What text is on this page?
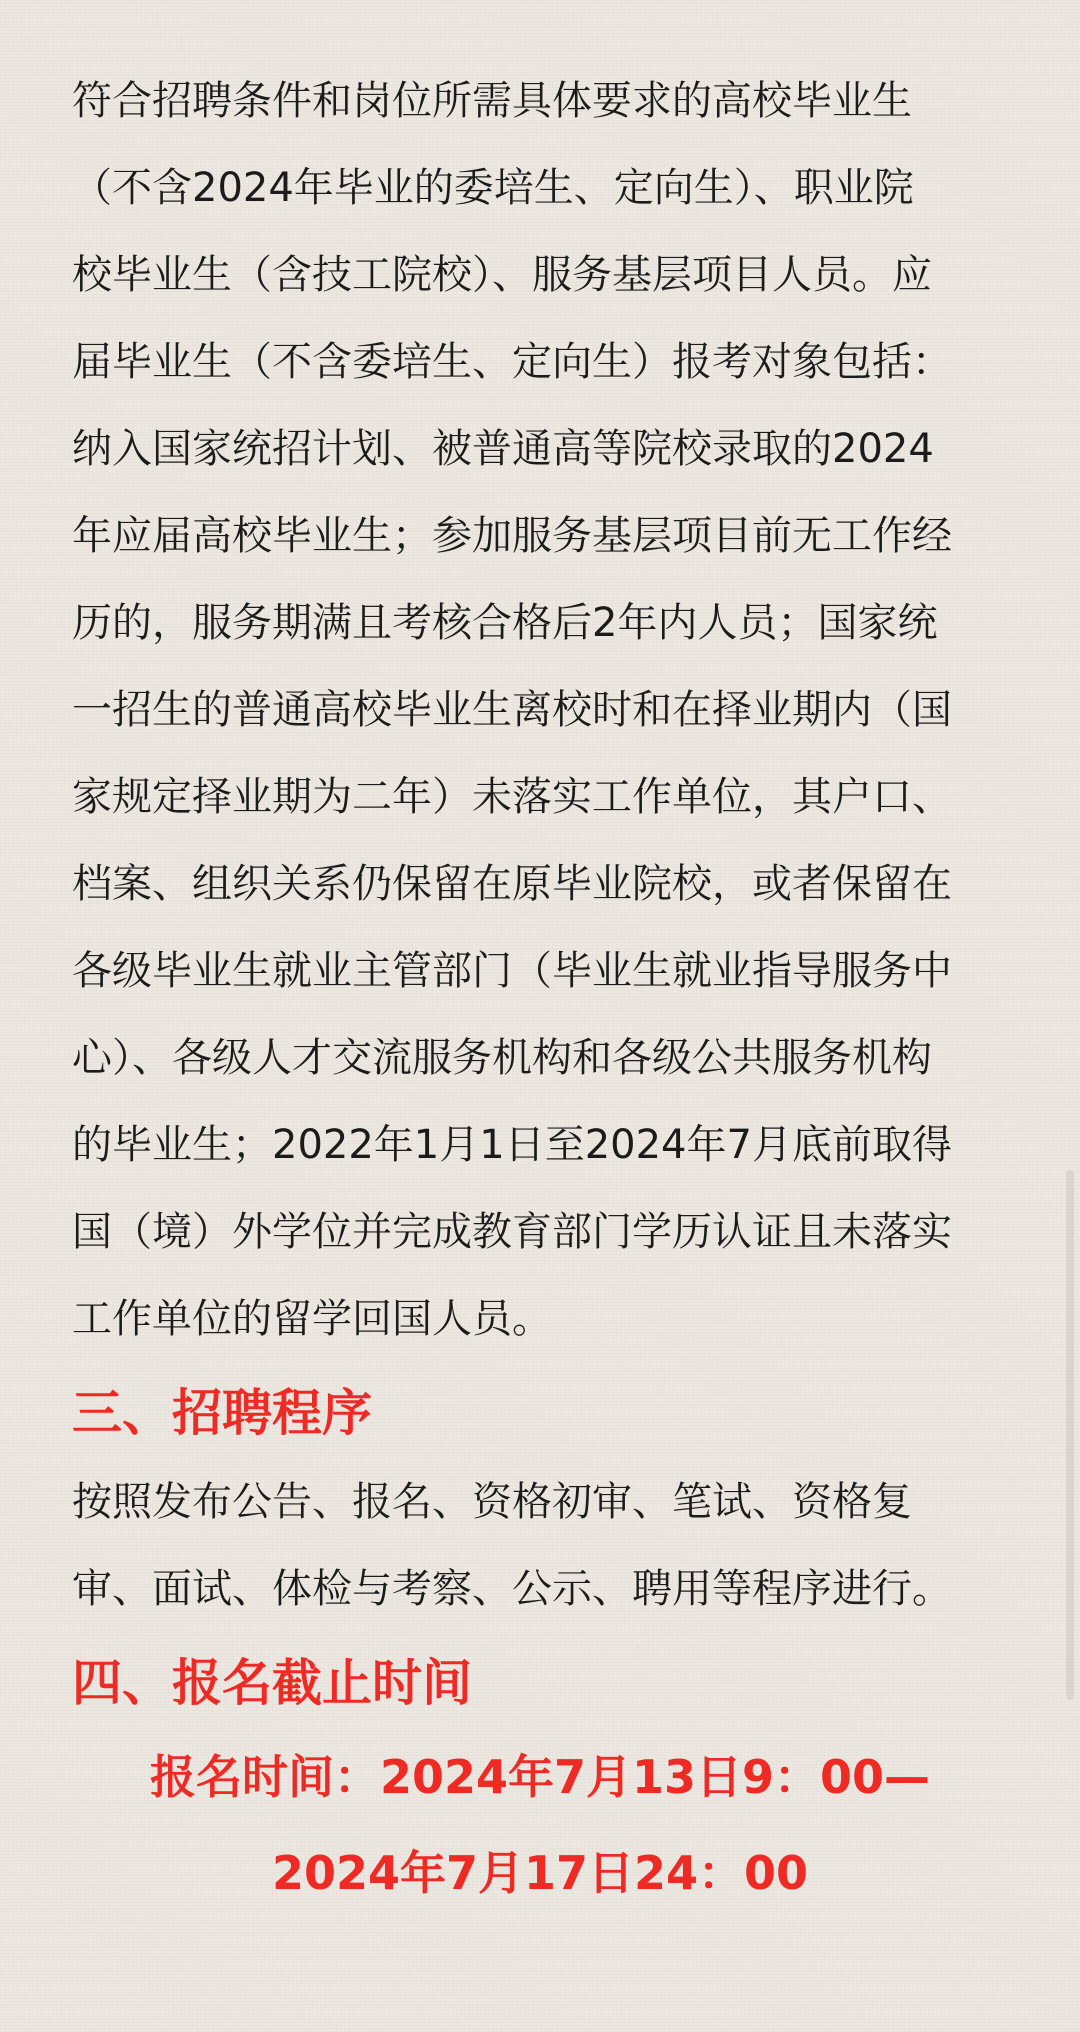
符合招聘条件和岗位所需具体要求的高校毕业生
（不含2024年毕业的委培生、定向生）、职业院
校毕业生（含技工院校）、服务基层项目人员。应
届毕业生（不含委培生、定向生）报考对象包括：
纳入国家统招计划、被普通高等院校录取的2024
年应届高校毕业生；参加服务基层项目前无工作经
历的，服务期满且考核合格后2年内人员；国家统
一招生的普通高校毕业生离校时和在择业期内（国
家规定择业期为二年）未落实工作单位，其户口、
档案、组织关系仍保留在原毕业院校，或者保留在
各级毕业生就业主管部门（毕业生就业指导服务中
心）、各级人才交流服务机构和各级公共服务机构
的毕业生；2022年1月1日至2024年7月底前取得
国（境）外学位并完成教育部门学历认证且未落实
工作单位的留学回国人员。

三、招聘程序

按照发布公告、报名、资格初审、笔试、资格复
审、面试、体检与考察、公示、聘用等程序进行。

四、报名截止时间

报名时间：2024年7月13日9：00—
2024年7月17日24：00
